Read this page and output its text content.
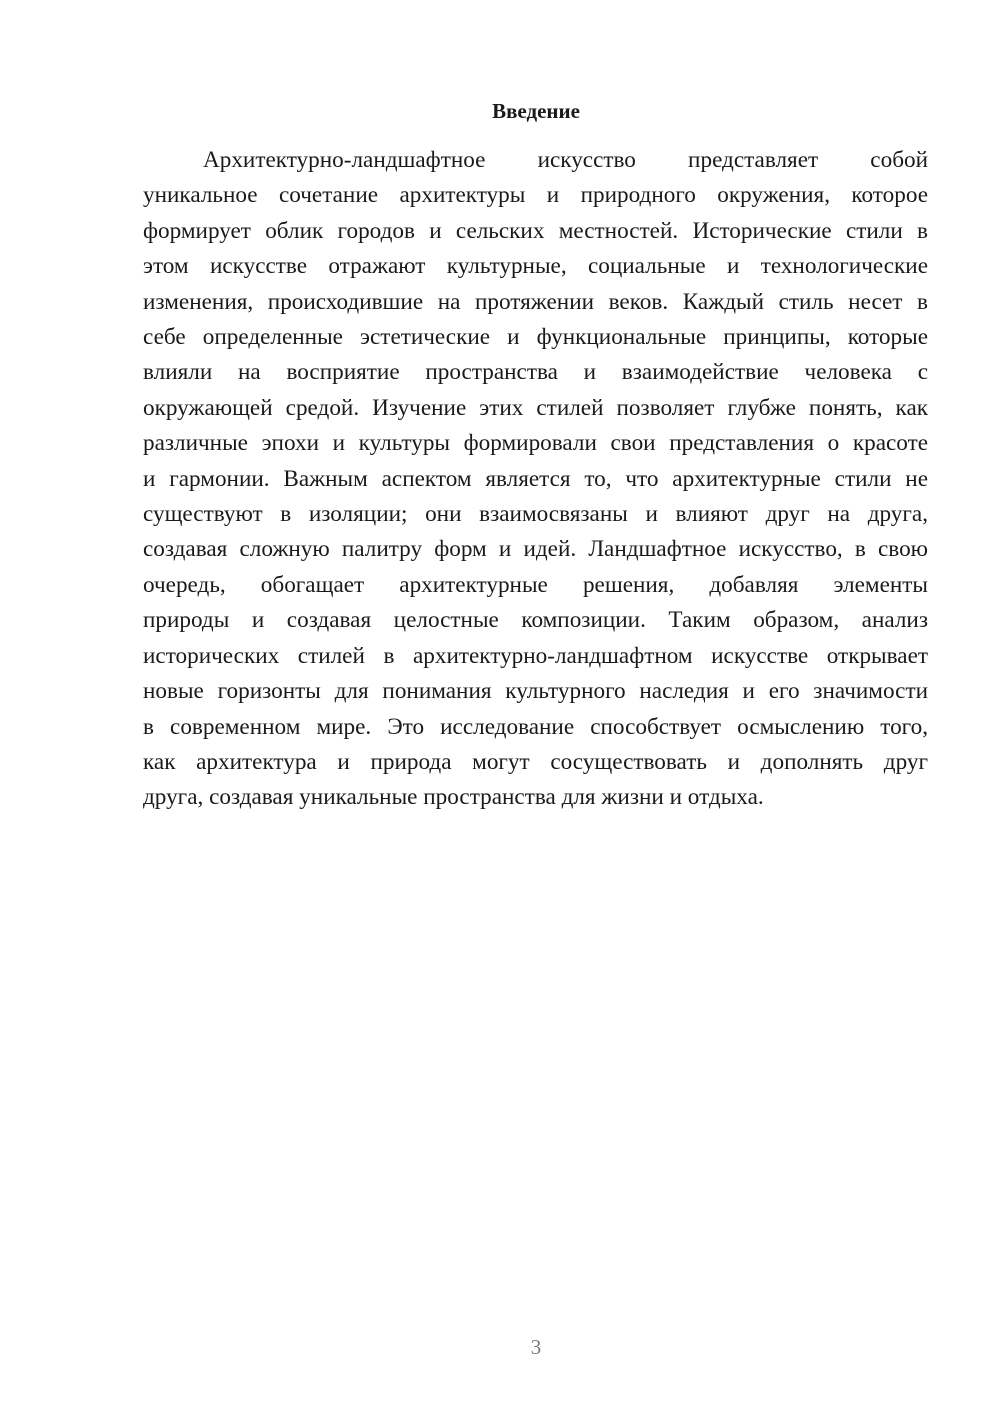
Введение
Архитектурно-ландшафтное искусство представляет собой
уникальное сочетание архитектуры и природного окружения, которое
формирует облик городов и сельских местностей. Исторические стили в
этом искусстве отражают культурные, социальные и технологические
изменения, происходившие на протяжении веков. Каждый стиль несет в
себе определенные эстетические и функциональные принципы, которые
влияли на восприятие пространства и взаимодействие человека с
окружающей средой. Изучение этих стилей позволяет глубже понять, как
различные эпохи и культуры формировали свои представления о красоте
и гармонии. Важным аспектом является то, что архитектурные стили не
существуют в изоляции; они взаимосвязаны и влияют друг на друга,
создавая сложную палитру форм и идей. Ландшафтное искусство, в свою
очередь, обогащает архитектурные решения, добавляя элементы
природы и создавая целостные композиции. Таким образом, анализ
исторических стилей в архитектурно-ландшафтном искусстве открывает
новые горизонты для понимания культурного наследия и его значимости
в современном мире. Это исследование способствует осмыслению того,
как архитектура и природа могут сосуществовать и дополнять друг
друга, создавая уникальные пространства для жизни и отдыха.
3
